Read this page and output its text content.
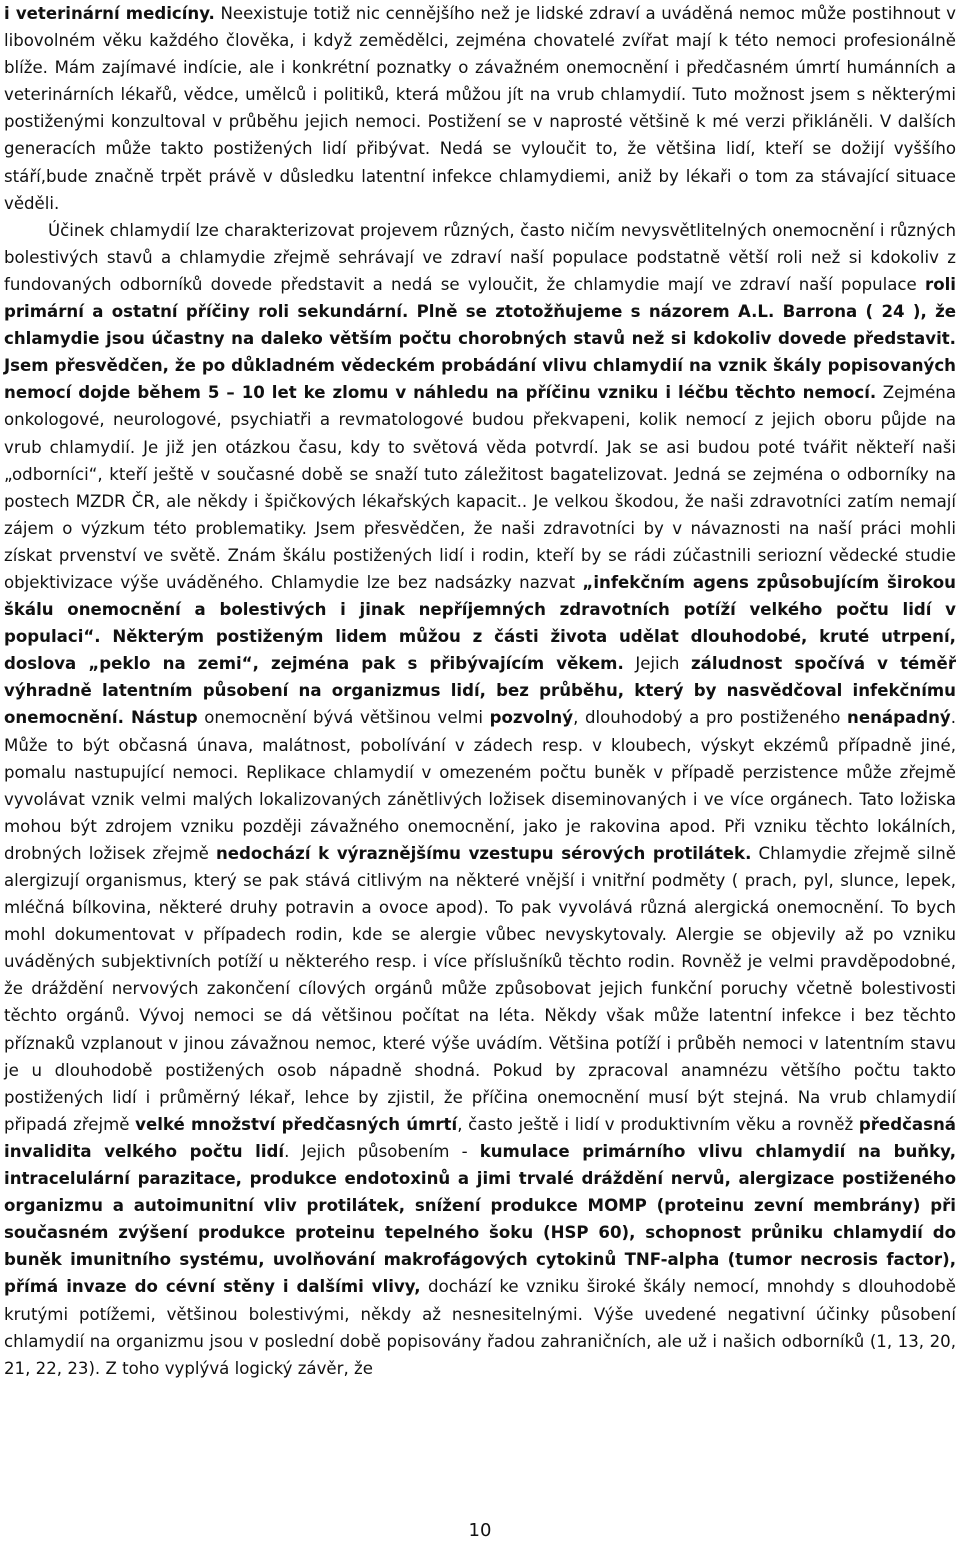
i veterinární medicíny. Neexistuje totiž nic cennějšího než je lidské zdraví a uváděná nemoc může postihnout v libovolném věku každého člověka, i když zemědělci, zejména chovatelé zvířat mají k této nemoci profesionálně blíže. Mám zajímavé indície, ale i konkrétní poznatky o závažném onemocnění i předčasném úmrtí humánních a veterinárních lékařů, vědce, umělců i politiků, která můžou jít na vrub chlamydií. Tuto možnost jsem s některými postiženými konzultoval v průběhu jejich nemoci. Postižení se v naprosté většině k mé verzi přikláněli. V dalších generacích může takto postižených lidí přibývat. Nedá se vyloučit to, že většina lidí, kteří se dožijí vyššího stáří,bude značně trpět právě v důsledku latentní infekce chlamydiemi, aniž by lékaři o tom za stávající situace věděli.

Účinek chlamydií lze charakterizovat projevem různých, často ničím nevysvětlitelných onemocnění i různých bolestivých stavů a chlamydie zřejmě sehrávají ve zdraví naší populace podstatně větší roli než si kdokoliv z fundovaných odborníků dovede představit a nedá se vyloučit, že chlamydie mají ve zdraví naší populace roli primární a ostatní příčiny roli sekundární. Plně se ztotožňujeme s názorem A.L. Barrona ( 24 ), že chlamydie jsou účastny na daleko větším počtu chorobných stavů než si kdokoliv dovede představit. Jsem přesvědčen, že po důkladném vědeckém probádání vlivu chlamydií na vznik škály popisovaných nemocí dojde během 5 – 10 let ke zlomu v náhledu na příčinu vzniku i léčbu těchto nemocí. Zejména onkologové, neurologové, psychiatři a revmatologové budou překvapeni, kolik nemocí z jejich oboru půjde na vrub chlamydií. Je již jen otázkou času, kdy to světová věda potvrdí. Jak se asi budou poté tvářit někteří naši „odborníci“, kteří ještě v současné době se snaží tuto záležitost bagatelizovat. Jedná se zejména o odborníky na postech MZDR ČR, ale někdy i špičkových lékařských kapacit.. Je velkou škodou, že naši zdravotníci zatím nemají zájem o výzkum této problematiky. Jsem přesvědčen, že naši zdravotníci by v návaznosti na naší práci mohli získat prvenství ve světě. Znám škálu postižených lidí i rodin, kteří by se rádi zúčastnili seriozní vědecké studie objektivizace výše uváděného. Chlamydie lze bez nadsázky nazvat „infekčním agens způsobujícím širokou škálu onemocnění a bolestivých i jinak nepříjemných zdravotních potíží velkého počtu lidí v populaci“. Některým postiženým lidem můžou z části života udělat dlouhodobé, kruté utrpení, doslova „peklo na zemi“, zejména pak s přibývajícím věkem. Jejich záludnost spočívá v téměř výhradně latentním působení na organizmus lidí, bez průběhu, který by nasvědčoval infekčnímu onemocnění. Nástup onemocnění bývá většinou velmi pozvolný, dlouhodobý a pro postiženého nenápadný. Může to být občasná únava, malátnost, pobolívání v zádech resp. v kloubech, výskyt ekzémů případně jiné, pomalu nastupující nemoci. Replikace chlamydií v omezeném počtu buněk v případě perzistence může zřejmě vyvolávat vznik velmi malých lokalizovaných zánětlivých ložisek diseminovaných i ve více orgánech. Tato ložiska mohou být zdrojem vzniku později závažného onemocnění, jako je rakovina apod. Při vzniku těchto lokálních, drobných ložisek zřejmě nedochází k výraznějšímu vzestupu sérových protilátek. Chlamydie zřejmě silně alergizují organismus, který se pak stává citlivým na některé vnější i vnitřní podměty ( prach, pyl, slunce, lepek, mléčná bílkovina, některé druhy potravin a ovoce apod). To pak vyvolává různá alergická onemocnění. To bych mohl dokumentovat v případech rodin, kde se alergie vůbec nevyskytovaly. Alergie se objevily až po vzniku uváděných subjektivních potíží u některého resp. i více příslušníků těchto rodin. Rovněž je velmi pravděpodobné, že dráždění nervových zakončení cílových orgánů může způsobovat jejich funkční poruchy včetně bolestivosti těchto orgánů. Vývoj nemoci se dá většinou počítat na léta. Někdy však může latentní infekce i bez těchto příznaků vzplanout v jinou závažnou nemoc, které výše uvádím. Většina potíží i průběh nemoci v latentním stavu je u dlouhodobě postižených osob nápadně shodná. Pokud by zpracoval anamnézu většího počtu takto postižených lidí i průměrný lékař, lehce by zjistil, že příčina onemocnění musí být stejná. Na vrub chlamydií připadá zřejmě velké množství předčasných úmrtí, často ještě i lidí v produktivním věku a rovněž předčasná invalidita velkého počtu lidí. Jejich působením - kumulace primárního vlivu chlamydií na buňky, intracelulární parazitace, produkce endotoxinů a jimi trvalé dráždění nervů, alergizace postiženého organizmu a autoimunitní vliv protilátek, snížení produkce MOMP (proteinu zevní membrány) při současném zvýšení produkce proteinu tepelného šoku (HSP 60), schopnost průniku chlamydií do buněk imunitního systému, uvolňování makrofágových cytokinů TNF-alpha (tumor necrosis factor), přímá invaze do cévní stěny i dalšími vlivy, dochází ke vzniku široké škály nemocí, mnohdy s dlouhodobě krutými potížemi, většinou bolestivými, někdy až nesnesitelnými. Výše uvedené negativní účinky působení chlamydií na organizmu jsou v poslední době popisovány řadou zahraničních, ale už i našich odborníků (1, 13, 20, 21, 22, 23). Z toho vyplývá logický závěr, že

10
